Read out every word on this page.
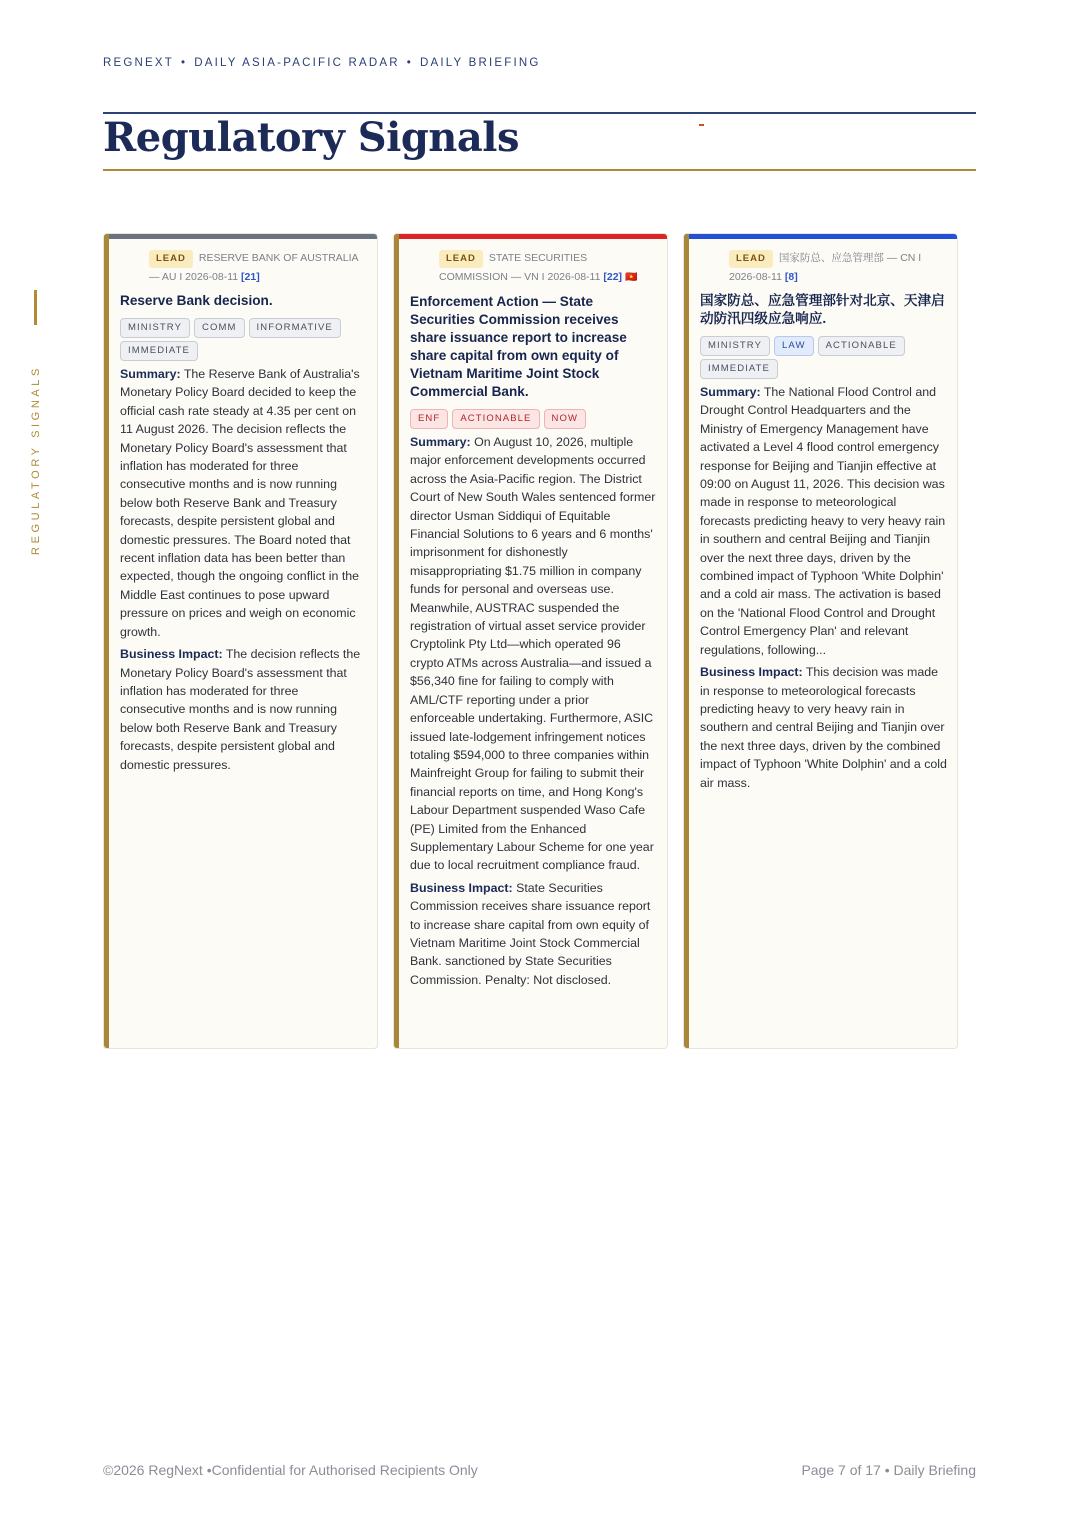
REGNEXT • DAILY ASIA-PACIFIC RADAR • DAILY BRIEFING
Regulatory Signals
REGULATORY SIGNALS
LEAD RESERVE BANK OF AUSTRALIA — AU I 2026-08-11 [21]
Reserve Bank decision.
MINISTRY COMM INFORMATIVEIMMEDIATE
Summary: The Reserve Bank of Australia's Monetary Policy Board decided to keep the official cash rate steady at 4.35 per cent on 11 August 2026. The decision reflects the Monetary Policy Board's assessment that inflation has moderated for three consecutive months and is now running below both Reserve Bank and Treasury forecasts, despite persistent global and domestic pressures. The Board noted that recent inflation data has been better than expected, though the ongoing conflict in the Middle East continues to pose upward pressure on prices and weigh on economic growth.
Business Impact: The decision reflects the Monetary Policy Board's assessment that inflation has moderated for three consecutive months and is now running below both Reserve Bank and Treasury forecasts, despite persistent global and domestic pressures.
LEAD STATE SECURITIES COMMISSION — VN I 2026-08-11 [22] 🇻🇳
Enforcement Action — State Securities Commission receives share issuance report to increase share capital from own equity of Vietnam Maritime Joint Stock Commercial Bank.
ENF ACTIONABLE NOW
Summary: On August 10, 2026, multiple major enforcement developments occurred across the Asia-Pacific region. The District Court of New South Wales sentenced former director Usman Siddiqui of Equitable Financial Solutions to 6 years and 6 months' imprisonment for dishonestly misappropriating $1.75 million in company funds for personal and overseas use. Meanwhile, AUSTRAC suspended the registration of virtual asset service provider Cryptolink Pty Ltd—which operated 96 crypto ATMs across Australia—and issued a $56,340 fine for failing to comply with AML/CTF reporting under a prior enforceable undertaking. Furthermore, ASIC issued late-lodgement infringement notices totaling $594,000 to three companies within Mainfreight Group for failing to submit their financial reports on time, and Hong Kong's Labour Department suspended Waso Cafe (PE) Limited from the Enhanced Supplementary Labour Scheme for one year due to local recruitment compliance fraud.
Business Impact: State Securities Commission receives share issuance report to increase share capital from own equity of Vietnam Maritime Joint Stock Commercial Bank. sanctioned by State Securities Commission. Penalty: Not disclosed.
LEAD 国家防总、应急管理部 — CN I 2026-08-11 [8]
国家防总、应急管理部针对北京、天津启动防汛四级应急响应.
MINISTRY LAW ACTIONABLEIMMEDIATE
Summary: The National Flood Control and Drought Control Headquarters and the Ministry of Emergency Management have activated a Level 4 flood control emergency response for Beijing and Tianjin effective at 09:00 on August 11, 2026. This decision was made in response to meteorological forecasts predicting heavy to very heavy rain in southern and central Beijing and Tianjin over the next three days, driven by the combined impact of Typhoon 'White Dolphin' and a cold air mass. The activation is based on the 'National Flood Control and Drought Control Emergency Plan' and relevant regulations, following...
Business Impact: This decision was made in response to meteorological forecasts predicting heavy to very heavy rain in southern and central Beijing and Tianjin over the next three days, driven by the combined impact of Typhoon 'White Dolphin' and a cold air mass.
©2026 RegNext •Confidential for Authorised Recipients Only	Page 7 of 17 • Daily Briefing
